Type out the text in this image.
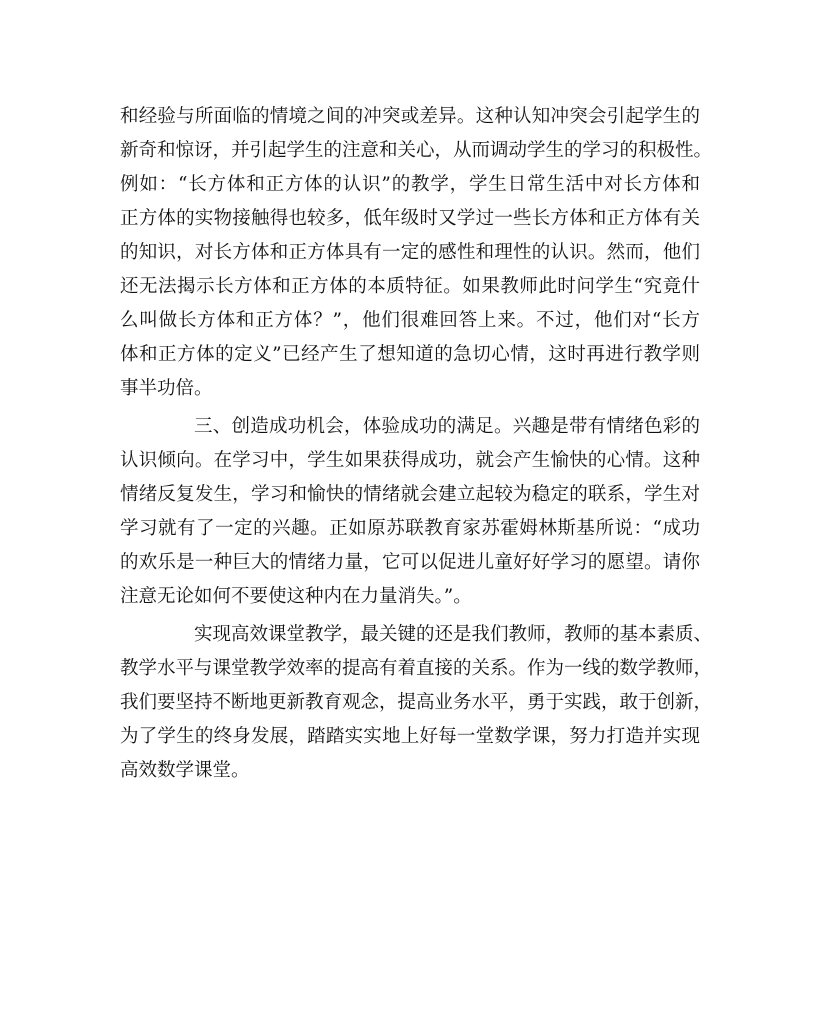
和经验与所面临的情境之间的冲突或差异。这种认知冲突会引起学生的
新奇和惊讶，并引起学生的注意和关心，从而调动学生的学习的积极性。
例如：“长方体和正方体的认识”的教学，学生日常生活中对长方体和
正方体的实物接触得也较多，低年级时又学过一些长方体和正方体有关
的知识，对长方体和正方体具有一定的感性和理性的认识。然而，他们
还无法揭示长方体和正方体的本质特征。如果教师此时问学生“究竟什
么叫做长方体和正方体？”，他们很难回答上来。不过，他们对“长方
体和正方体的定义”已经产生了想知道的急切心情，这时再进行教学则
事半功倍。
三、创造成功机会，体验成功的满足。兴趣是带有情绪色彩的
认识倾向。在学习中，学生如果获得成功，就会产生愉快的心情。这种
情绪反复发生，学习和愉快的情绪就会建立起较为稳定的联系，学生对
学习就有了一定的兴趣。正如原苏联教育家苏霍姆林斯基所说：“成功
的欢乐是一种巨大的情绪力量，它可以促进儿童好好学习的愿望。请你
注意无论如何不要使这种内在力量消失。”。
实现高效课堂教学，最关键的还是我们教师，教师的基本素质、
教学水平与课堂教学效率的提高有着直接的关系。作为一线的数学教师，
我们要坚持不断地更新教育观念，提高业务水平，勇于实践，敢于创新，
为了学生的终身发展，踏踏实实地上好每一堂数学课，努力打造并实现
高效数学课堂。
